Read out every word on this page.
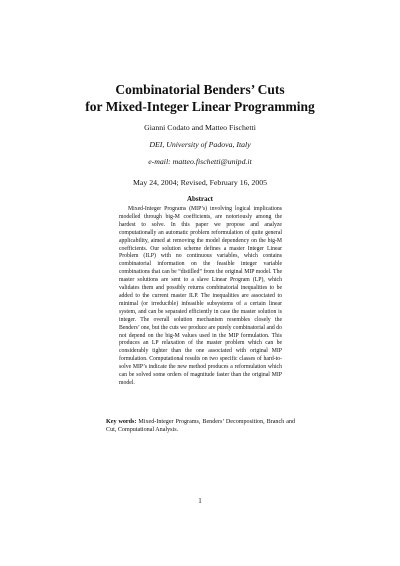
Combinatorial Benders’ Cuts
for Mixed-Integer Linear Programming
Gianni Codato and Matteo Fischetti
DEI, University of Padova, Italy
e-mail: matteo.fischetti@unipd.it
May 24, 2004; Revised, February 16, 2005
Abstract
Mixed-Integer Programs (MIP’s) involving logical implications modelled through big-M coefficients, are notoriously among the hardest to solve. In this paper we propose and analyze computationally an automatic problem reformulation of quite general applicability, aimed at removing the model dependency on the big-M coefficients. Our solution scheme defines a master Integer Linear Problem (ILP) with no continuous variables, which contains combinatorial information on the feasible integer variable combinations that can be “distilled” from the original MIP model. The master solutions are sent to a slave Linear Program (LP), which validates them and possibly returns combinatorial inequalities to be added to the current master ILP. The inequalities are associated to minimal (or irreducible) infeasible subsystems of a certain linear system, and can be separated efficiently in case the master solution is integer. The overall solution mechanism resembles closely the Benders’ one, but the cuts we produce are purely combinatorial and do not depend on the big-M values used in the MIP formulation. This produces an LP relaxation of the master problem which can be considerably tighter than the one associated with original MIP formulation. Computational results on two specific classes of hard-to-solve MIP’s indicate the new method produces a reformulation which can be solved some orders of magnitude faster than the original MIP model.
Key words: Mixed-Integer Programs, Benders’ Decomposition, Branch and Cut, Computational Analysis.
1
